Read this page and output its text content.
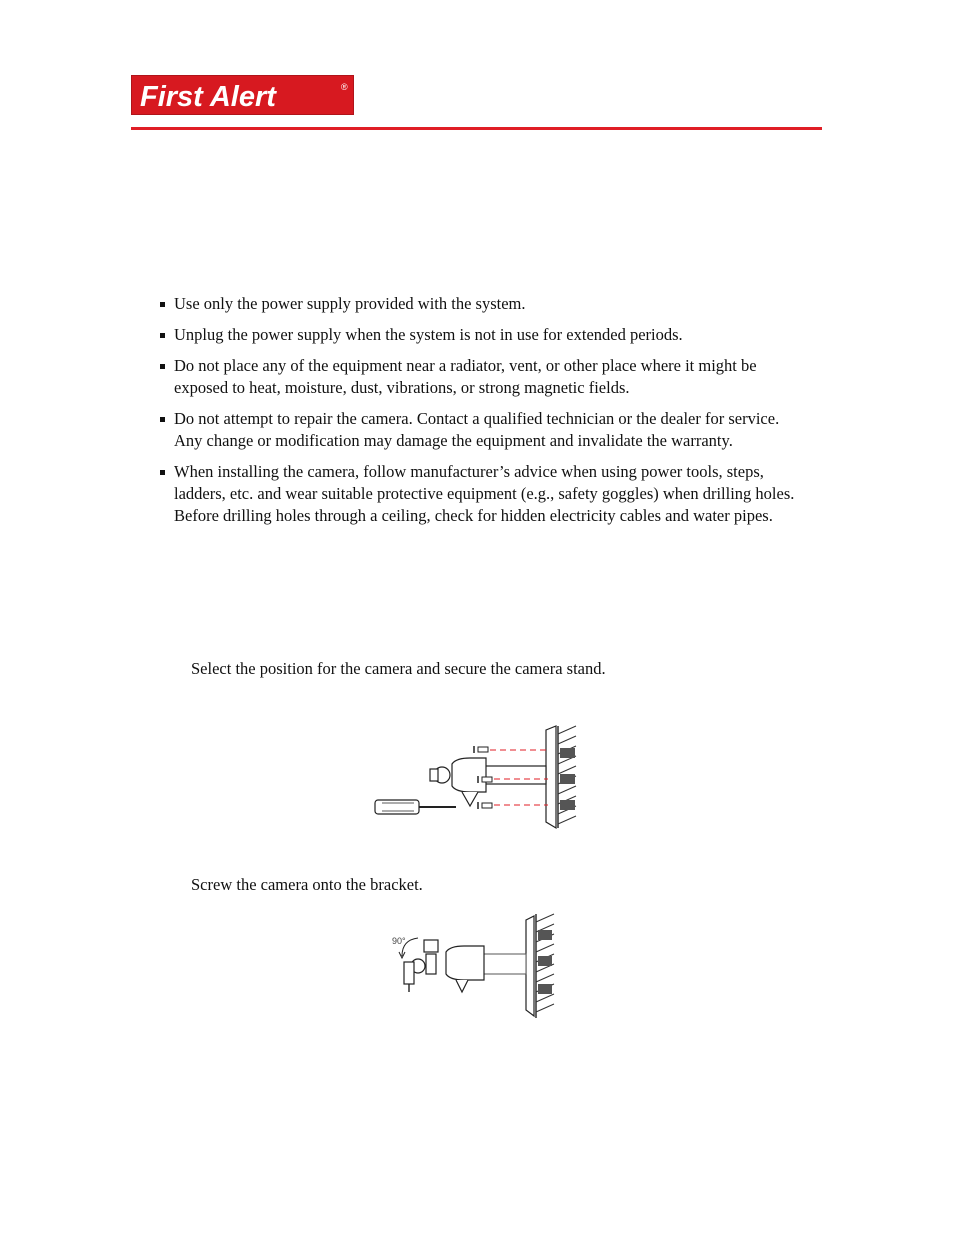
First Alert	®
Use only the power supply provided with the system.
Unplug the power supply when the system is not in use for extended periods.
Do not place any of the equipment near a radiator, vent, or other place where it might be exposed to heat, moisture, dust, vibrations, or strong magnetic fields.
Do not attempt to repair the camera. Contact a qualified technician or the dealer for service. Any change or modification may damage the equipment and invalidate the warranty.
When installing the camera, follow manufacturer’s advice when using power tools, steps, ladders, etc. and wear suitable protective equipment (e.g., safety goggles) when drilling holes. Before drilling holes through a ceiling, check for hidden electricity cables and water pipes.

Select the position for the camera and secure the camera stand.

Screw the camera onto the bracket.

90°
